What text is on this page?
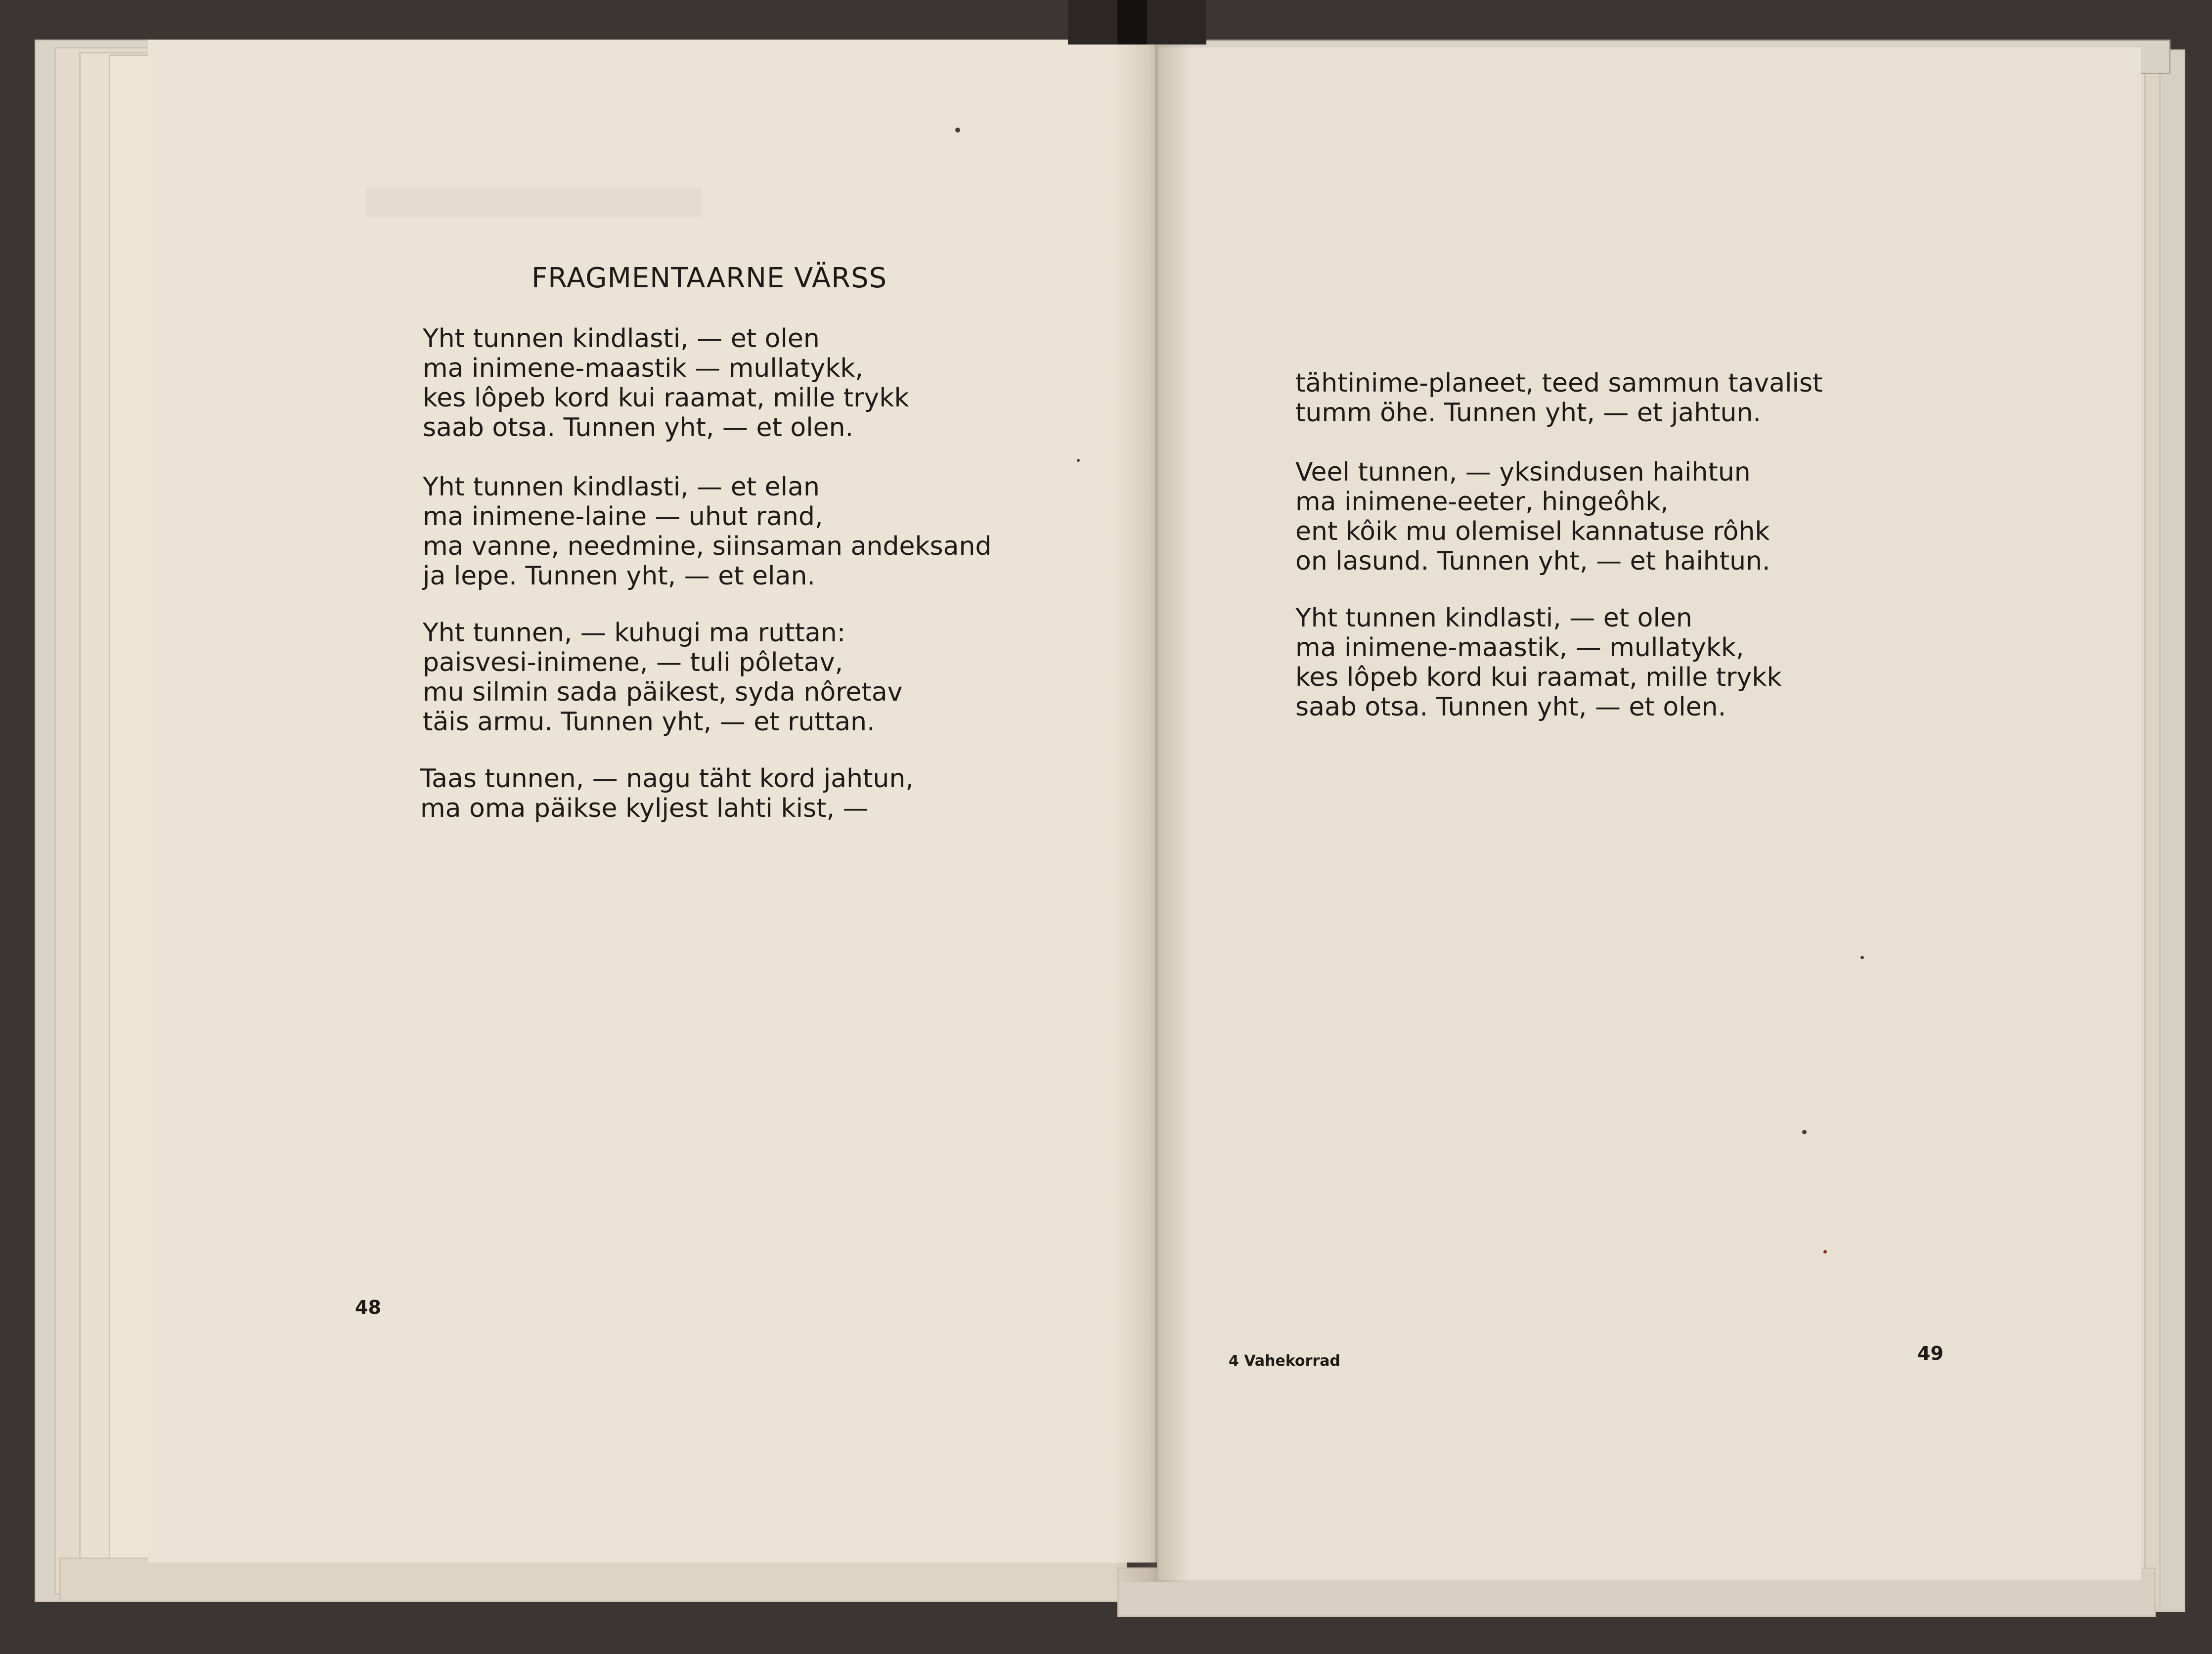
FRAGMENTAARNE VÄRSS
Yht tunnen kindlasti, — et olen
ma inimene-maastik — mullatykk,
kes lôpeb kord kui raamat, mille trykk
saab otsa. Tunnen yht, — et olen.
Yht tunnen kindlasti, — et elan
ma inimene-laine — uhut rand,
ma vanne, needmine, siinsaman andeksand
ja lepe. Tunnen yht, — et elan.
Yht tunnen, — kuhugi ma ruttan:
paisvesi-inimene, — tuli pôletav,
mu silmin sada päikest, syda nôretav
täis armu. Tunnen yht, — et ruttan.
Taas tunnen, — nagu täht kord jahtun,
ma oma päikse kyljest lahti kist, —
48
tähtinime-planeet, teed sammun tavalist
tumm öhe. Tunnen yht, — et jahtun.
Veel tunnen, — yksindusen haihtun
ma inimene-eeter, hingeôhk,
ent kôik mu olemisel kannatuse rôhk
on lasund. Tunnen yht, — et haihtun.
Yht tunnen kindlasti, — et olen
ma inimene-maastik, — mullatykk,
kes lôpeb kord kui raamat, mille trykk
saab otsa. Tunnen yht, — et olen.
4 Vahekorrad	49
